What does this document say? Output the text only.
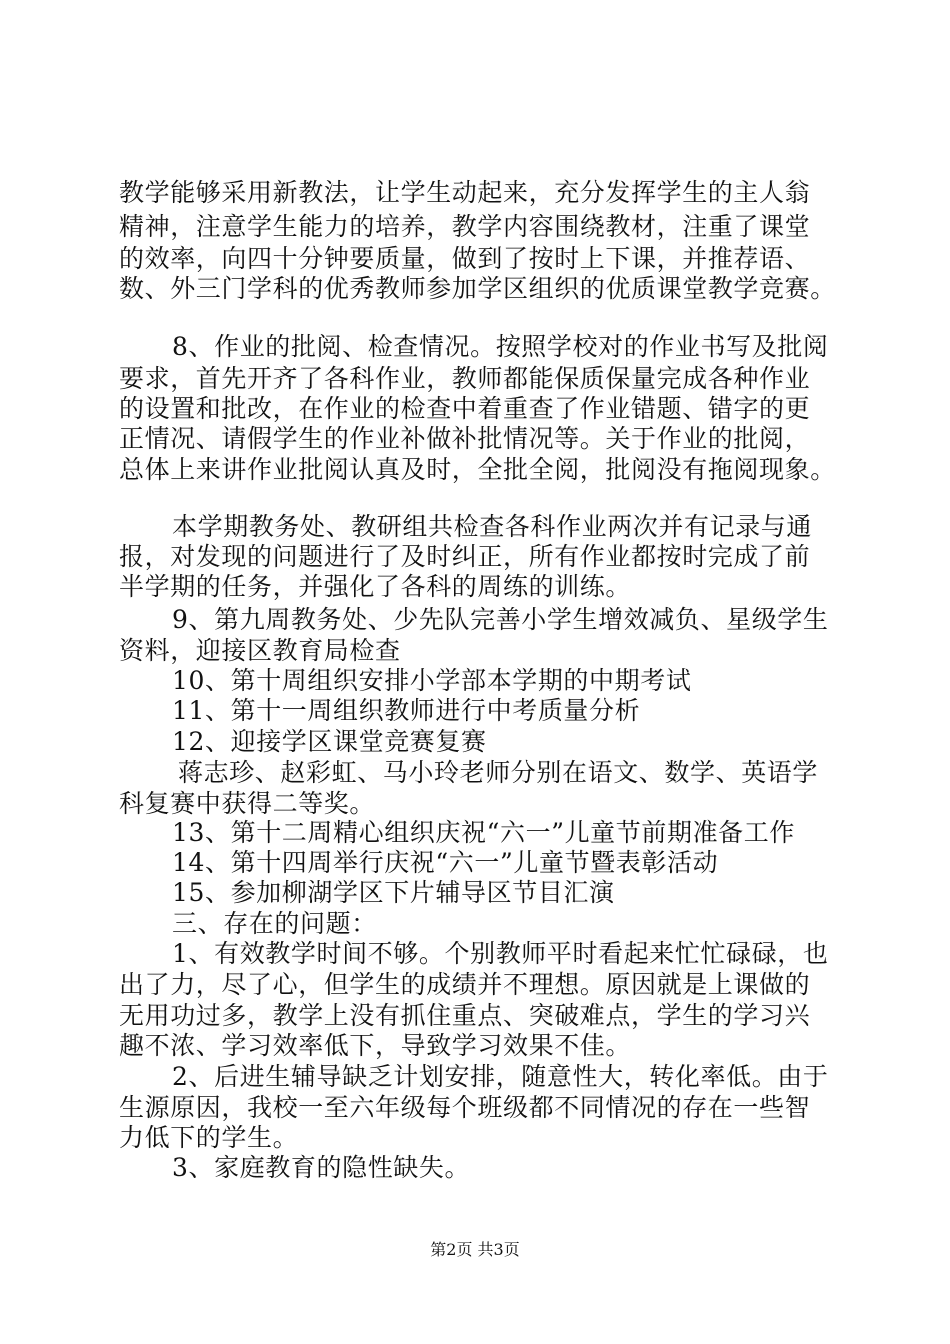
教学能够采用新教法，让学生动起来，充分发挥学生的主人翁
精神，注意学生能力的培养，教学内容围绕教材，注重了课堂
的效率，向四十分钟要质量，做到了按时上下课，并推荐语、
数、外三门学科的优秀教师参加学区组织的优质课堂教学竞赛。
8、作业的批阅、检查情况。按照学校对的作业书写及批阅
要求，首先开齐了各科作业，教师都能保质保量完成各种作业
的设置和批改，在作业的检查中着重查了作业错题、错字的更
正情况、请假学生的作业补做补批情况等。关于作业的批阅，
总体上来讲作业批阅认真及时，全批全阅，批阅没有拖阅现象。
本学期教务处、教研组共检查各科作业两次并有记录与通
报，对发现的问题进行了及时纠正，所有作业都按时完成了前
半学期的任务，并强化了各科的周练的训练。
9、第九周教务处、少先队完善小学生增效减负、星级学生
资料，迎接区教育局检查
10、第十周组织安排小学部本学期的中期考试
11、第十一周组织教师进行中考质量分析
12、迎接学区课堂竞赛复赛
蒋志珍、赵彩虹、马小玲老师分别在语文、数学、英语学
科复赛中获得二等奖。
13、第十二周精心组织庆祝“六一”儿童节前期准备工作
14、第十四周举行庆祝“六一”儿童节暨表彰活动
15、参加柳湖学区下片辅导区节目汇演
三、存在的问题：
1、有效教学时间不够。个别教师平时看起来忙忙碌碌，也
出了力，尽了心，但学生的成绩并不理想。原因就是上课做的
无用功过多，教学上没有抓住重点、突破难点，学生的学习兴
趣不浓、学习效率低下，导致学习效果不佳。
2、后进生辅导缺乏计划安排，随意性大，转化率低。由于
生源原因，我校一至六年级每个班级都不同情况的存在一些智
力低下的学生。
3、家庭教育的隐性缺失。
第2页 共3页
